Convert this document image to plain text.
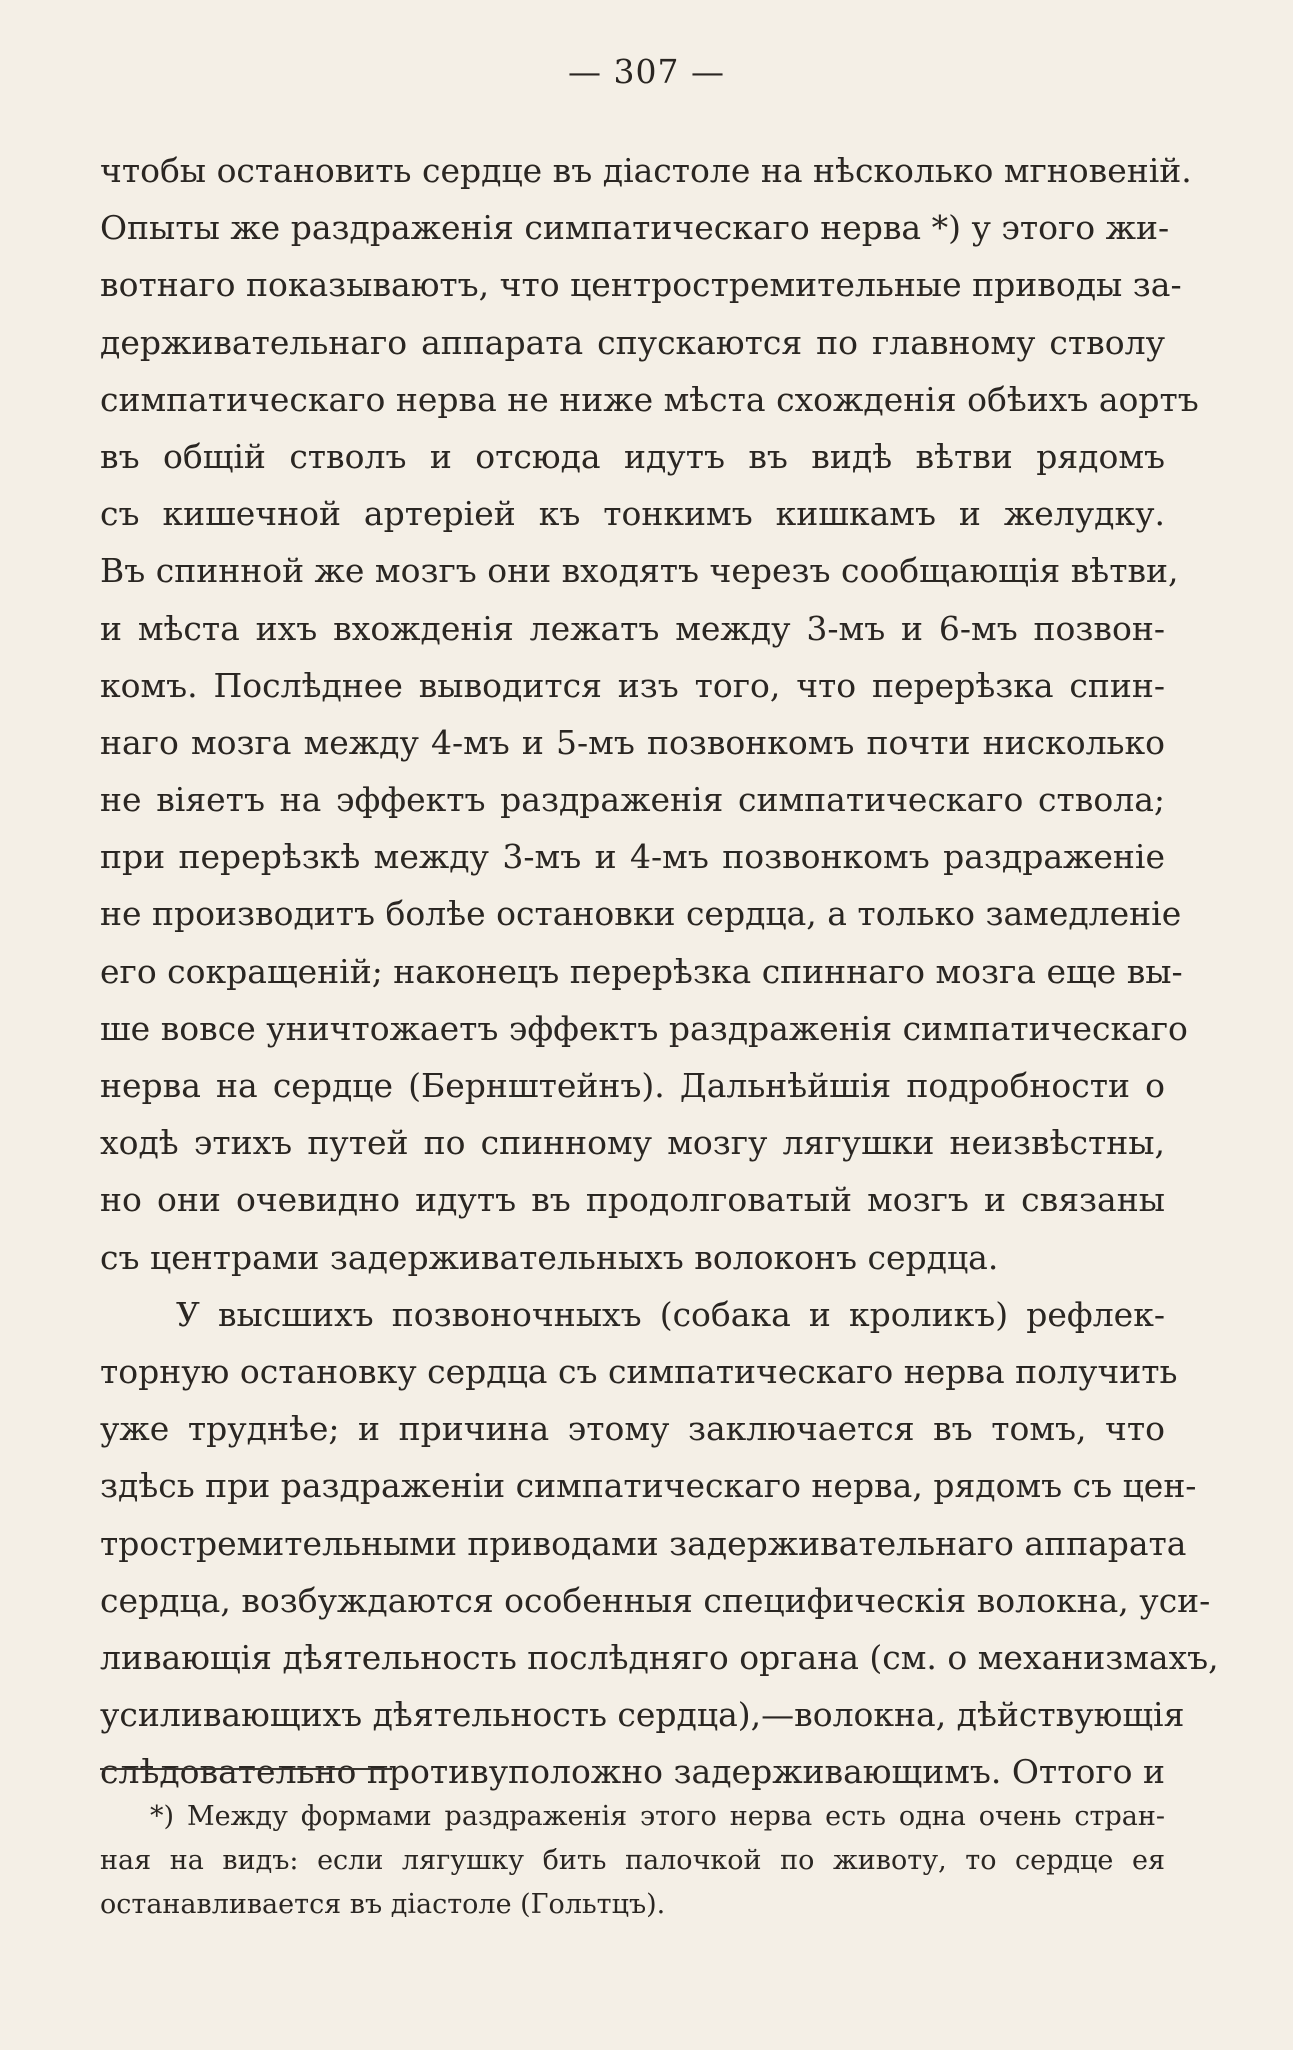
— 307 —
чтобы остановить сердце въ діастоле на нѣсколько мгновеній.
Опыты же раздраженія симпатическаго нерва *) у этого жи-
вотнаго показываютъ, что центростремительные приводы за-
держивательнаго аппарата спускаются по главному стволу
симпатическаго нерва не ниже мѣста схожденія обѣихъ аортъ
въ общій стволъ и отсюда идутъ въ видѣ вѣтви рядомъ
съ кишечной артеріей къ тонкимъ кишкамъ и желудку.
Въ спинной же мозгъ они входятъ черезъ сообщающія вѣтви,
и мѣста ихъ вхожденія лежатъ между 3-мъ и 6-мъ позвон-
комъ. Послѣднее выводится изъ того, что перерѣзка спин-
наго мозга между 4-мъ и 5-мъ позвонкомъ почти нисколько
не віяетъ на эффектъ раздраженія симпатическаго ствола;
при перерѣзкѣ между 3-мъ и 4-мъ позвонкомъ раздраженіе
не производитъ болѣе остановки сердца, а только замедленіе
его сокращеній; наконецъ перерѣзка спиннаго мозга еще вы-
ше вовсе уничтожаетъ эффектъ раздраженія симпатическаго
нерва на сердце (Бернштейнъ). Дальнѣйшія подробности о
ходѣ этихъ путей по спинному мозгу лягушки неизвѣстны,
но они очевидно идутъ въ продолговатый мозгъ и связаны
съ центрами задерживательныхъ волоконъ сердца.
У высшихъ позвоночныхъ (собака и кроликъ) рефлек-
торную остановку сердца съ симпатическаго нерва получить
уже труднѣе; и причина этому заключается въ томъ, что
здѣсь при раздраженіи симпатическаго нерва, рядомъ съ цен-
тростремительными приводами задерживательнаго аппарата
сердца, возбуждаются особенныя специфическія волокна, уси-
ливающія дѣятельность послѣдняго органа (см. о механизмахъ,
усиливающихъ дѣятельность сердца),—волокна, дѣйствующія
слѣдовательно противуположно задерживающимъ. Оттого и
*) Между формами раздраженія этого нерва есть одна очень стран-
ная на видъ: если лягушку бить палочкой по животу, то сердце ея
останавливается въ діастоле (Гольтцъ).
